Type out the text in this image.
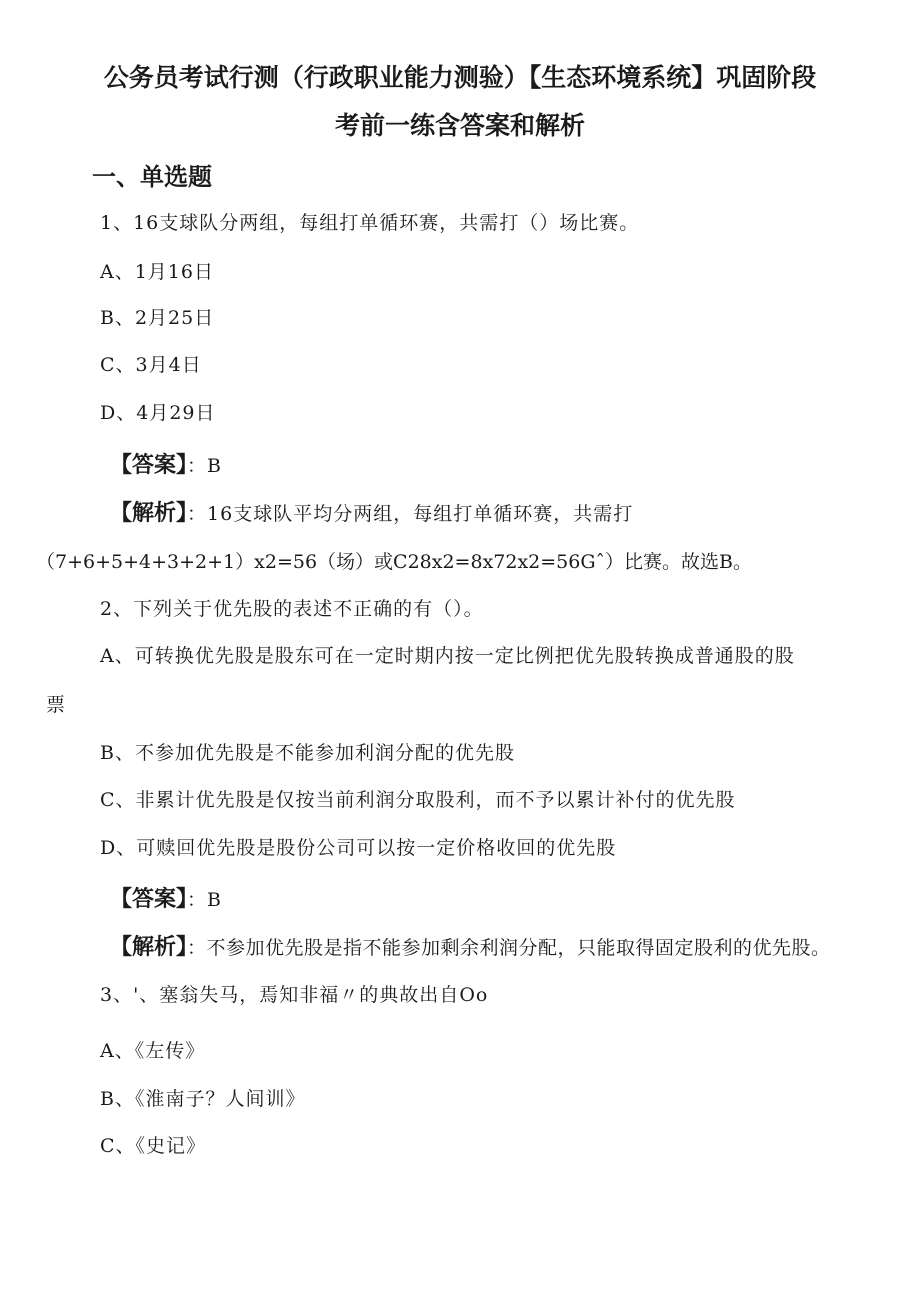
公务员考试行测（行政职业能力测验）【生态环境系统】巩固阶段
考前一练含答案和解析
一、单选题
1、16支球队分两组，每组打单循环赛，共需打（）场比赛。
A、1月16日
B、2月25日
C、3月4日
D、4月29日
【答案】：B
【解析】：16支球队平均分两组，每组打单循环赛，共需打
（7+6+5+4+3+2+1）x2=56（场）或C28x2=8x72x2=56Gˆ）比赛。故选B。
2、下列关于优先股的表述不正确的有（）。
A、可转换优先股是股东可在一定时期内按一定比例把优先股转换成普通股的股
票
B、不参加优先股是不能参加利润分配的优先股
C、非累计优先股是仅按当前利润分取股利，而不予以累计补付的优先股
D、可赎回优先股是股份公司可以按一定价格收回的优先股
【答案】：B
【解析】：不参加优先股是指不能参加剩余利润分配，只能取得固定股利的优先股。
3、'、塞翁失马，焉知非福〃的典故出自Oo
A、《左传》
B、《淮南子？人间训》
C、《史记》
